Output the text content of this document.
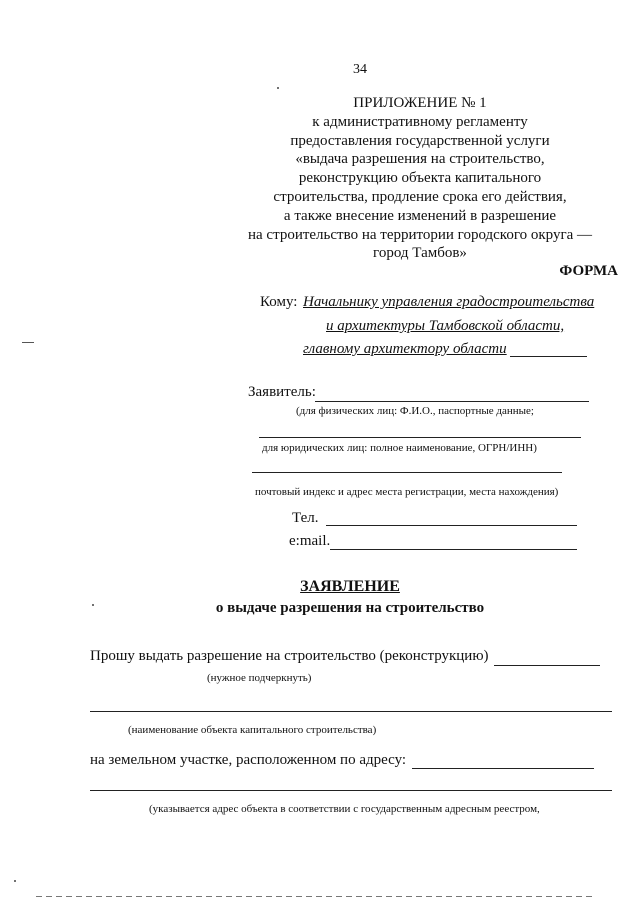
34
ПРИЛОЖЕНИЕ № 1
к административному регламенту
предоставления государственной услуги
«выдача разрешения на строительство,
реконструкцию объекта капитального
строительства, продление срока его действия,
а также внесение изменений в разрешение
на строительство на территории городского округа —
город Тамбов»
ФОРМА
Кому: Начальнику управления градостроительства
и архитектуры Тамбовской области,
главному архитектору области
Заявитель:
(для физических лиц: Ф.И.О., паспортные данные;
для юридических лиц: полное наименование, ОГРН/ИНН)
почтовый индекс и адрес места регистрации, места нахождения)
Тел.
e:mail.
ЗАЯВЛЕНИЕ
о выдаче разрешения на строительство
Прошу выдать разрешение на строительство (реконструкцию)
(нужное подчеркнуть)
(наименование объекта капитального строительства)
на земельном участке, расположенном по адресу:
(указывается адрес объекта в соответствии с государственным адресным реестром,
